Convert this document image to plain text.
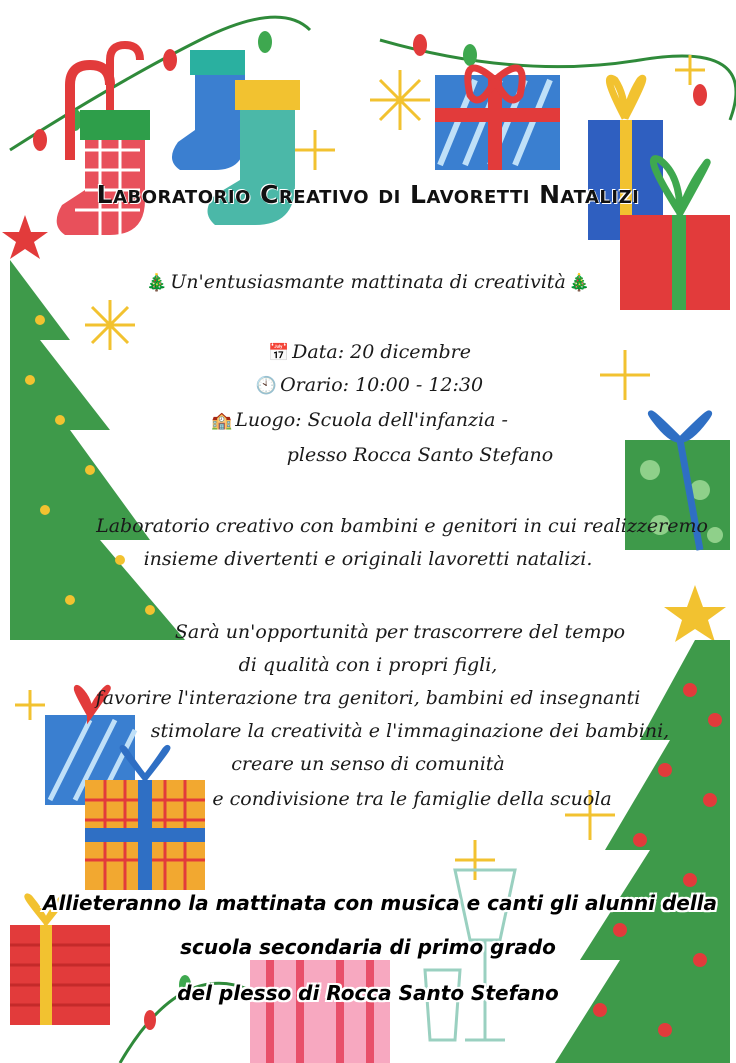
Laboratorio Creativo di Lavoretti Natalizi
🎄 Un'entusiasmante mattinata di creatività 🎄
📅 Data: 20 dicembre
🕙 Orario: 10:00 - 12:30
🏫 Luogo: Scuola dell'infanzia -
plesso Rocca Santo Stefano
Laboratorio creativo con bambini e genitori in cui realizzeremo
insieme divertenti e originali lavoretti natalizi.
Sarà un'opportunità per trascorrere del tempo
di qualità con i propri figli,
favorire l'interazione tra genitori, bambini ed insegnanti
stimolare la creatività e l'immaginazione dei bambini,
creare un senso di comunità
e condivisione tra le famiglie della scuola
Allieteranno la mattinata con musica e canti gli alunni della
scuola secondaria di primo grado
del plesso di Rocca Santo Stefano
